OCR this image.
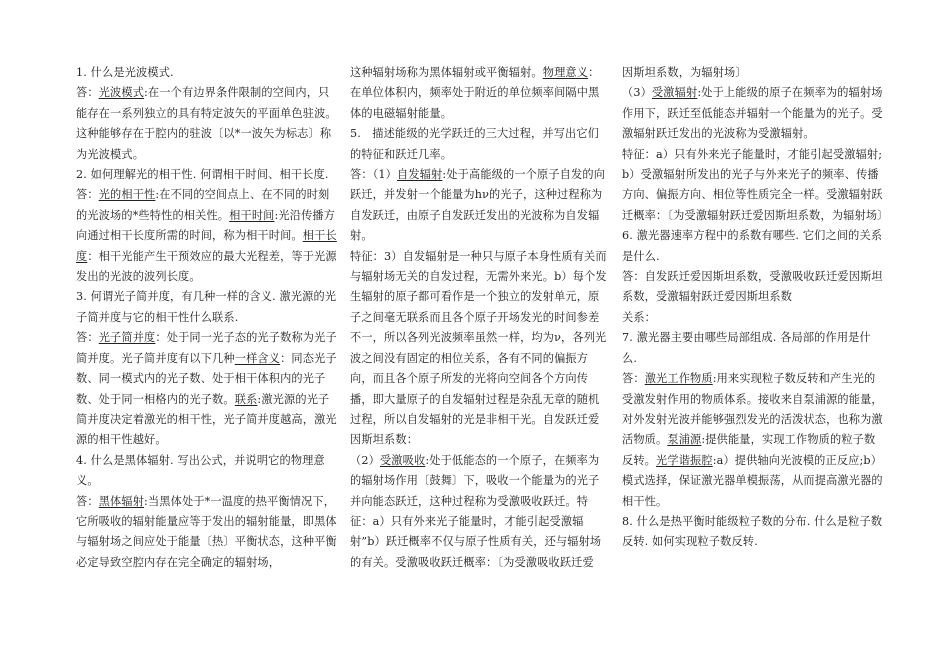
1. 什么是光波模式.

答：光波模式:在一个有边界条件限制的空间内，只能存在一系列独立的具有特定波矢的平面单色驻波。这种能够存在于腔内的驻波〔以*一波矢为标志〕称为光波模式。

2. 如何理解光的相干性. 何谓相干时间、相干长度.

答：光的相干性:在不同的空间点上、在不同的时刻的光波场的*些特性的相关性。相干时间:光沿传播方向通过相干长度所需的时间，称为相干时间。相干长度：相干光能产生干预效应的最大光程差，等于光源发出的光波的波列长度。

3. 何谓光子简并度，有几种一样的含义. 激光源的光子简并度与它的相干性什么联系.

答：光子简并度：处于同一光子态的光子数称为光子简并度。光子简并度有以下几种一样含义：同态光子数、同一模式内的光子数、处于相干体积内的光子数、处于同一相格内的光子数。联系:激光源的光子简并度决定着激光的相干性，光子简并度越高，激光源的相干性越好。

4. 什么是黑体辐射. 写出公式，并说明它的物理意义。

答：黑体辐射:当黑体处于*一温度的热平衡情况下，它所吸收的辐射能量应等于发出的辐射能量，即黑体与辐射场之间应处于能量〔热〕平衡状态，这种平衡必定导致空腔内存在完全确定的辐射场，

这种辐射场称为黑体辐射或平衡辐射。物理意义：在单位体积内，频率处于附近的单位频率间隔中黑体的电磁辐射能量。

5.　描述能级的光学跃迁的三大过程，并写出它们的特征和跃迁几率。

答：（1）自发辐射:处于高能级的一个原子自发的向跃迁，并发射一个能量为hν的光子，这种过程称为自发跃迁，由原子自发跃迁发出的光波称为自发辐射。

特征：3）自发辐射是一种只与原子本身性质有关而与辐射场无关的自发过程，无需外来光。b）每个发生辐射的原子都可看作是一个独立的发射单元，原子之间毫无联系而且各个原子开场发光的时间参差不一，所以各列光波频率虽然一样，均为ν，各列光波之间没有固定的相位关系，各有不同的偏振方向，而且各个原子所发的光将向空间各个方向传播，即大量原子的自发辐射过程是杂乱无章的随机过程，所以自发辐射的光是非相干光。自发跃迁爱因斯坦系数：

（2）受激吸收:处于低能态的一个原子，在频率为的辐射场作用〔鼓舞〕下，吸收一个能量为的光子并向能态跃迁，这种过程称为受激吸收跃迁。特征：a）只有外来光子能量时，才能引起受激辐射”b）跃迁概率不仅与原子性质有关，还与辐射场的有关。受激吸收跃迁概率：〔为受激吸收跃迁爱

因斯坦系数，为辐射场〕

（3）受激辐射:处于上能级的原子在频率为的辐射场作用下，跃迁至低能态并辐射一个能量为的光子。受激辐射跃迁发出的光波称为受激辐射。

特征：a）只有外来光子能量时，才能引起受激辐射;b）受激辐射所发出的光子与外来光子的频率、传播方向、偏振方向、相位等性质完全一样。受激辐射跃迁概率：〔为受激辐射跃迁爱因斯坦系数，为辐射场〕

6. 激光器速率方程中的系数有哪些. 它们之间的关系是什么.

答：自发跃迁爱因斯坦系数，受激吸收跃迁爱因斯坦系数，受激辐射跃迁爱因斯坦系数

关系：

7. 激光器主要由哪些局部组成. 各局部的作用是什么.

答：激光工作物质:用来实现粒子数反转和产生光的受激发射作用的物质体系。接收来自泵浦源的能量，对外发射光波并能够强烈发光的活泼状态，也称为激活物质。泵浦源:提供能量，实现工作物质的粒子数反转。光学谐振腔:a）提供轴向光波模的正反应;b）模式选择，保证激光器单模振荡，从而提高激光器的相干性。

8. 什么是热平衡时能级粒子数的分布. 什么是粒子数反转. 如何实现粒子数反转.
